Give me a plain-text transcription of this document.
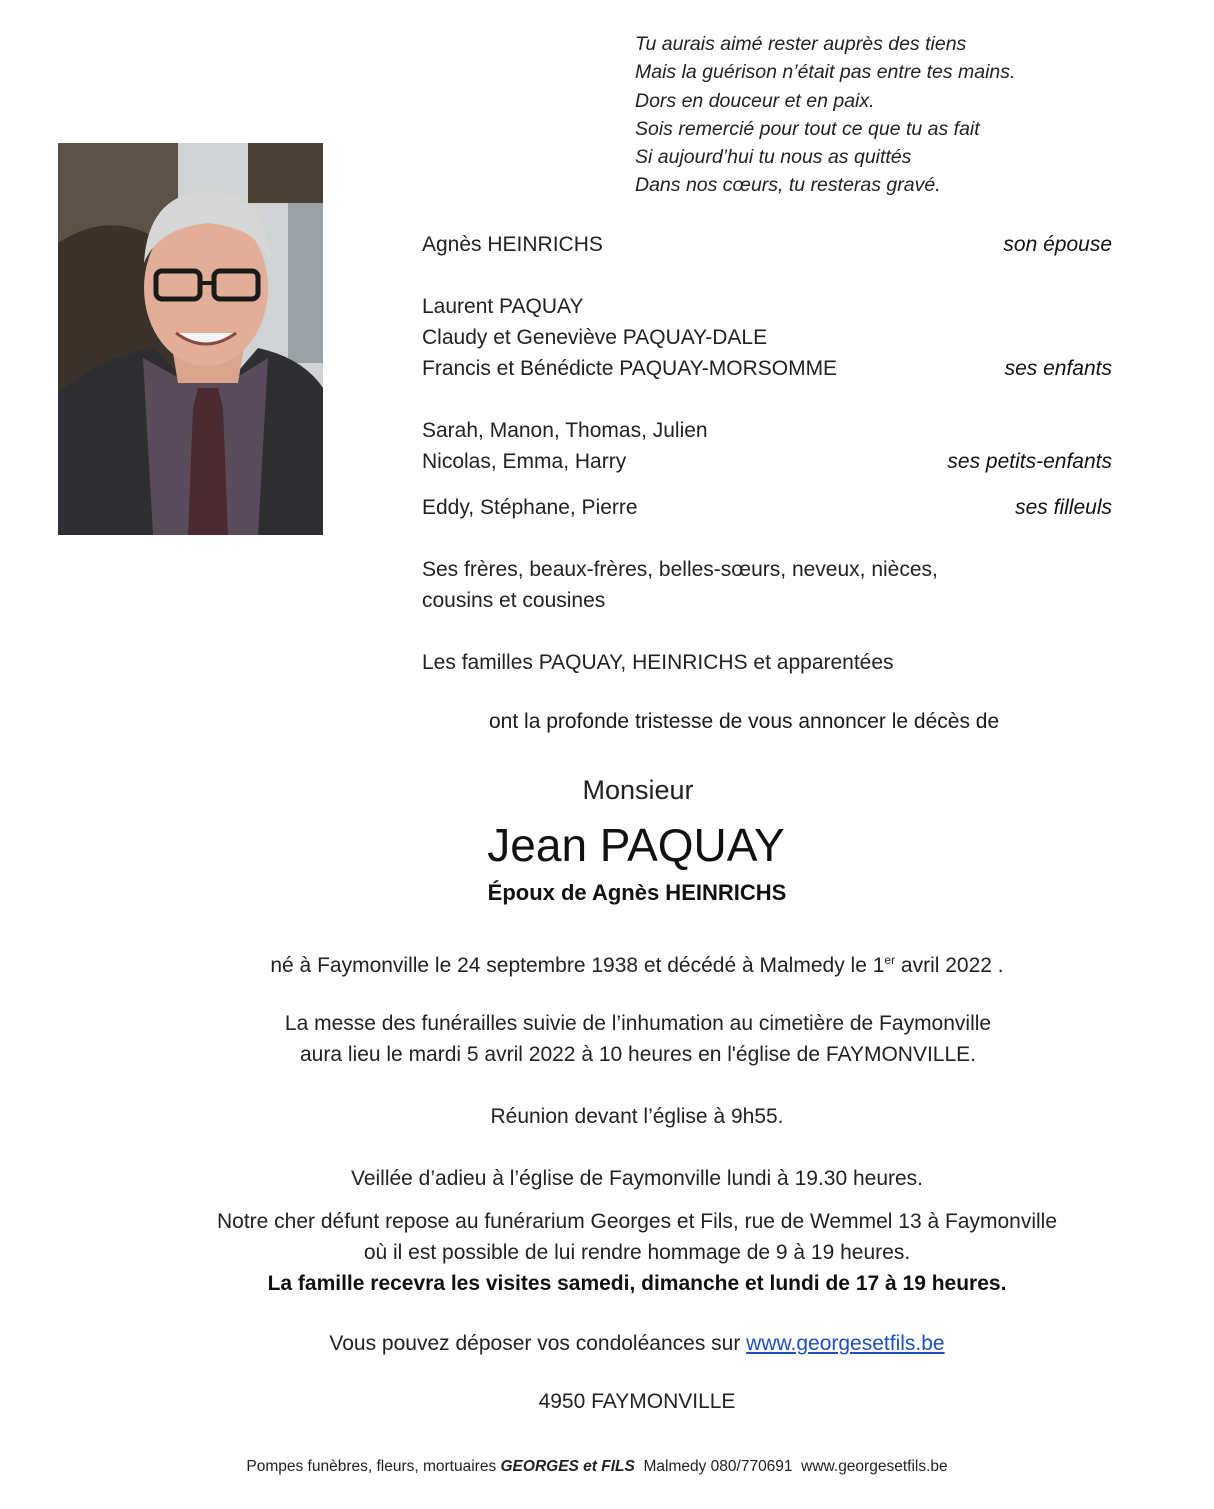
Tu aurais aimé rester auprès des tiens
Mais la guérison n’était pas entre tes mains.
Dors en douceur et en paix.
Sois remercié pour tout ce que tu as fait
Si aujourd’hui tu nous as quittés
Dans nos cœurs, tu resteras gravé.
Agnès HEINRICHS	son épouse
Laurent PAQUAY
Claudy et Geneviève PAQUAY-DALE
Francis et Bénédicte PAQUAY-MORSOMME	ses enfants
Sarah, Manon, Thomas, Julien
Nicolas, Emma, Harry	ses petits-enfants
Eddy, Stéphane, Pierre	ses filleuls
Ses frères, beaux-frères, belles-sœurs, neveux, nièces,
cousins et cousines
Les familles PAQUAY, HEINRICHS et apparentées
ont la profonde tristesse de vous annoncer le décès de
Monsieur
Jean PAQUAY
Époux de Agnès HEINRICHS
né à Faymonville le 24 septembre 1938 et décédé à Malmedy le 1er avril 2022 .
La messe des funérailles suivie de l’inhumation au cimetière de Faymonville
aura lieu le mardi 5 avril 2022 à 10 heures en l'église de FAYMONVILLE.
Réunion devant l’église à 9h55.
Veillée d’adieu à l’église de Faymonville lundi à 19.30 heures.
Notre cher défunt repose au funérarium Georges et Fils, rue de Wemmel 13 à Faymonville
où il est possible de lui rendre hommage de 9 à 19 heures.
La famille recevra les visites samedi, dimanche et lundi de 17 à 19 heures.
Vous pouvez déposer vos condoléances sur www.georgesetfils.be
4950 FAYMONVILLE
Pompes funèbres, fleurs, mortuaires GEORGES et FILS  Malmedy 080/770691  www.georgesetfils.be
